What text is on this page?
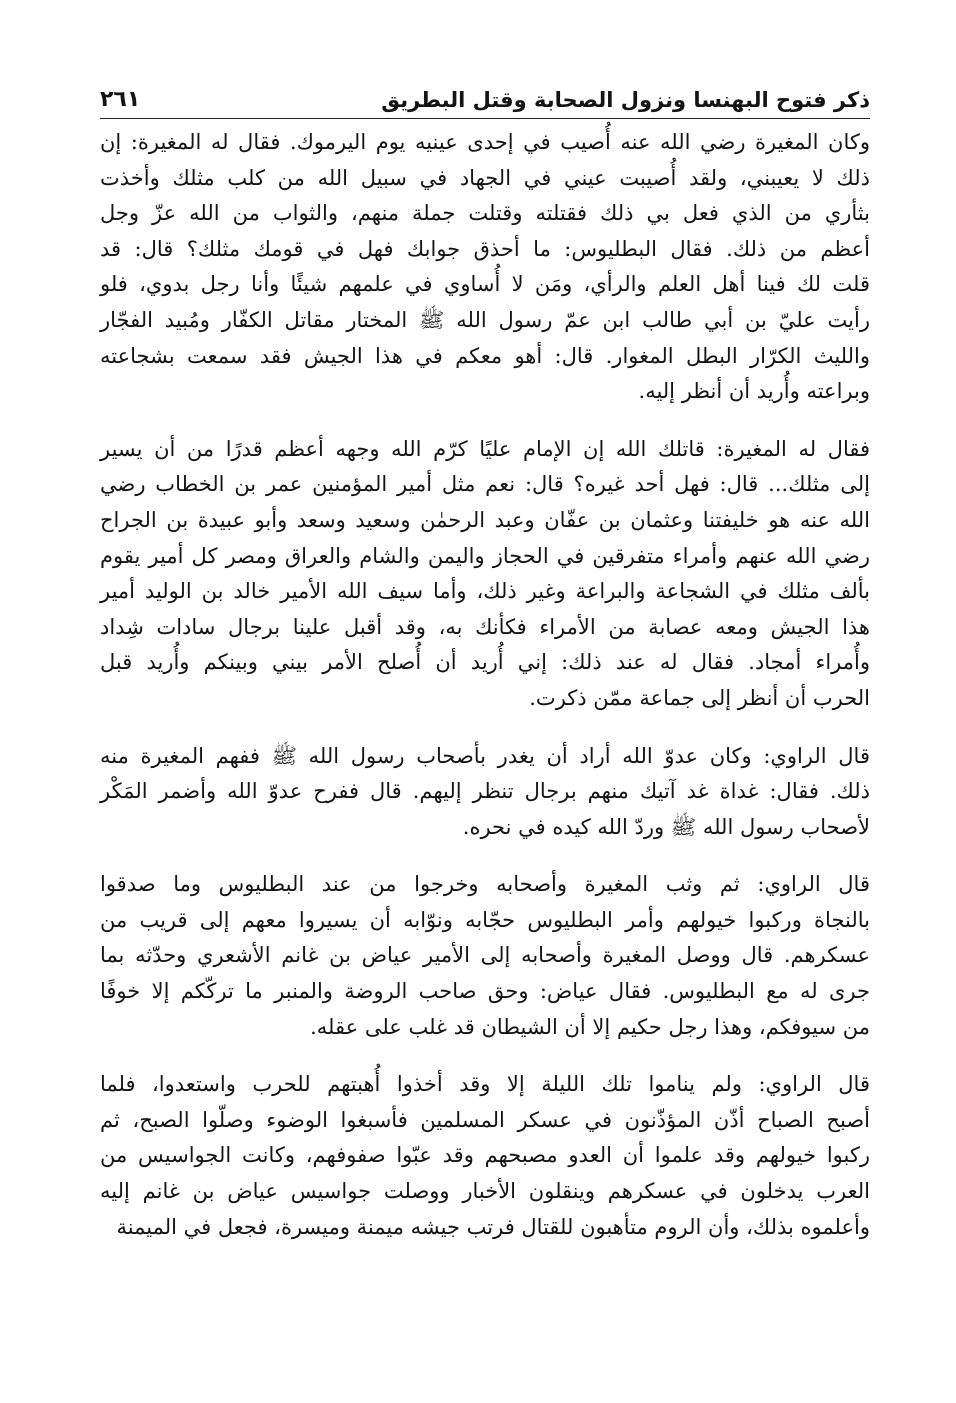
ذكر فتوح البهنسا ونزول الصحابة وقتل البطريق
٢٦١
وكان المغيرة رضي الله عنه أُصيب في إحدى عينيه يوم اليرموك. فقال له المغيرة: إن
ذلك لا يعيبني، ولقد أُصيبت عيني في الجهاد في سبيل الله من كلب مثلك وأخذت
بثأري من الذي فعل بي ذلك فقتلته وقتلت جملة منهم، والثواب من الله عزّ وجل
أعظم من ذلك. فقال البطليوس: ما أحذق جوابك فهل في قومك مثلك؟ قال: قد
قلت لك فينا أهل العلم والرأي، ومَن لا أُساوي في علمهم شيئًا وأنا رجل بدوي، فلو
رأيت عليّ بن أبي طالب ابن عمّ رسول الله ﷺ المختار مقاتل الكفّار ومُبيد الفجّار
والليث الكرّار البطل المغوار. قال: أهو معكم في هذا الجيش فقد سمعت بشجاعته
وبراعته وأُريد أن أنظر إليه.
فقال له المغيرة: قاتلك الله إن الإمام عليًا كرّم الله وجهه أعظم قدرًا من أن يسير
إلى مثلك... قال: فهل أحد غيره؟ قال: نعم مثل أمير المؤمنين عمر بن الخطاب رضي
الله عنه هو خليفتنا وعثمان بن عفّان وعبد الرحمٰن وسعيد وسعد وأبو عبيدة بن الجراح
رضي الله عنهم وأمراء متفرقين في الحجاز واليمن والشام والعراق ومصر كل أمير يقوم
بألف مثلك في الشجاعة والبراعة وغير ذلك، وأما سيف الله الأمير خالد بن الوليد أمير
هذا الجيش ومعه عصابة من الأمراء فكأنك به، وقد أقبل علينا برجال سادات شِداد
وأُمراء أمجاد. فقال له عند ذلك: إني أُريد أن أُصلح الأمر بيني وبينكم وأُريد قبل
الحرب أن أنظر إلى جماعة ممّن ذكرت.
قال الراوي: وكان عدوّ الله أراد أن يغدر بأصحاب رسول الله ﷺ ففهم المغيرة منه
ذلك. فقال: غداة غد آتيك منهم برجال تنظر إليهم. قال ففرح عدوّ الله وأضمر المَكْر
لأصحاب رسول الله ﷺ وردّ الله كيده في نحره.
قال الراوي: ثم وثب المغيرة وأصحابه وخرجوا من عند البطليوس وما صدقوا
بالنجاة وركبوا خيولهم وأمر البطليوس حجّابه ونوّابه أن يسيروا معهم إلى قريب من
عسكرهم. قال ووصل المغيرة وأصحابه إلى الأمير عياض بن غانم الأشعري وحدّثه بما
جرى له مع البطليوس. فقال عياض: وحق صاحب الروضة والمنبر ما تركّكم إلا خوفًا
من سيوفكم، وهذا رجل حكيم إلا أن الشيطان قد غلب على عقله.
قال الراوي: ولم يناموا تلك الليلة إلا وقد أخذوا أُهبتهم للحرب واستعدوا، فلما
أصبح الصباح أذّن المؤذّنون في عسكر المسلمين فأسبغوا الوضوء وصلّوا الصبح، ثم
ركبوا خيولهم وقد علموا أن العدو مصبحهم وقد عبّوا صفوفهم، وكانت الجواسيس من
العرب يدخلون في عسكرهم وينقلون الأخبار ووصلت جواسيس عياض بن غانم إليه
وأعلموه بذلك، وأن الروم متأهبون للقتال فرتب جيشه ميمنة وميسرة، فجعل في الميمنة
